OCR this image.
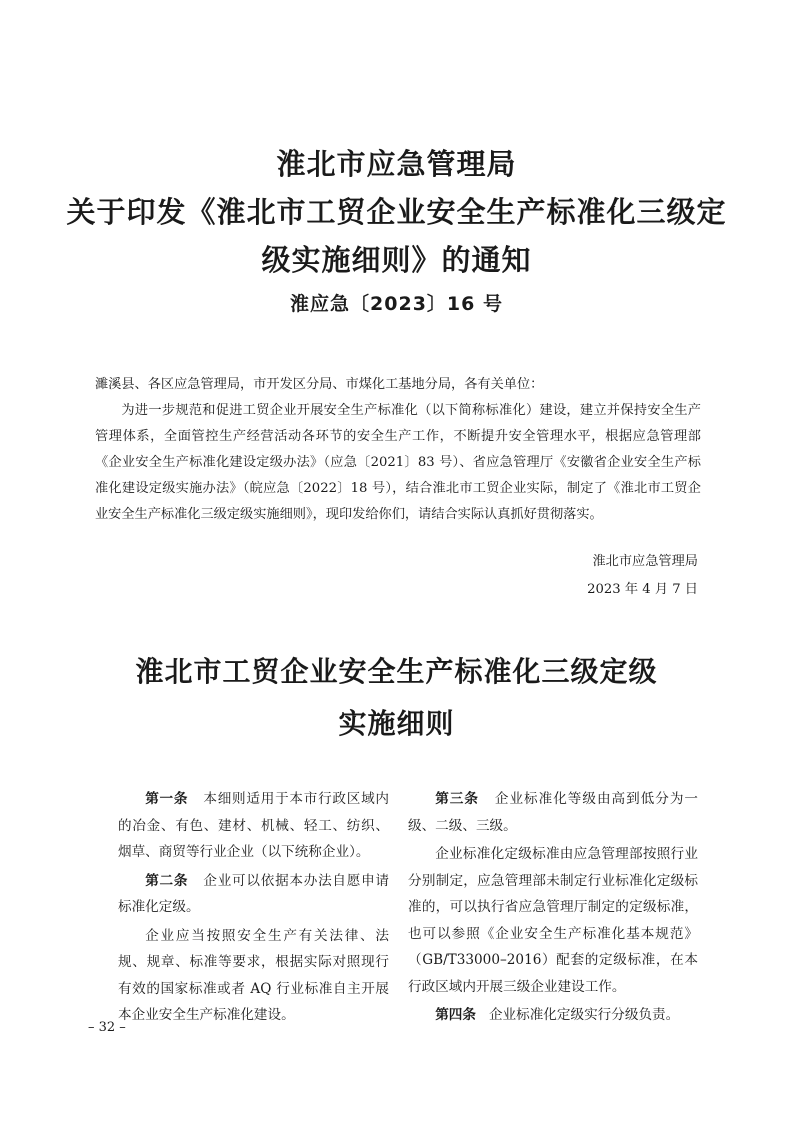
淮北市应急管理局

关于印发《淮北市工贸企业安全生产标准化三级定

级实施细则》的通知

淮应急〔2023〕16 号

濉溪县、各区应急管理局，市开发区分局、市煤化工基地分局，各有关单位：

为进一步规范和促进工贸企业开展安全生产标准化（以下简称标准化）建设，建立并保持安全生产管理体系，全面管控生产经营活动各环节的安全生产工作，不断提升安全管理水平，根据应急管理部《企业安全生产标准化建设定级办法》（应急〔2021〕83 号）、省应急管理厅《安徽省企业安全生产标准化建设定级实施办法》（皖应急〔2022〕18 号），结合淮北市工贸企业实际，制定了《淮北市工贸企业安全生产标准化三级定级实施细则》，现印发给你们，请结合实际认真抓好贯彻落实。

淮北市应急管理局
2023 年 4 月 7 日

淮北市工贸企业安全生产标准化三级定级

实施细则

第一条 本细则适用于本市行政区域内的冶金、有色、建材、机械、轻工、纺织、烟草、商贸等行业企业（以下统称企业）。

第二条 企业可以依据本办法自愿申请标准化定级。

企业应当按照安全生产有关法律、法规、规章、标准等要求，根据实际对照现行有效的国家标准或者 AQ 行业标准自主开展本企业安全生产标准化建设。

第三条 企业标准化等级由高到低分为一级、二级、三级。

企业标准化定级标准由应急管理部按照行业分别制定，应急管理部未制定行业标准化定级标准的，可以执行省应急管理厅制定的定级标准，也可以参照《企业安全生产标准化基本规范》（GB/T33000–2016）配套的定级标准，在本行政区域内开展三级企业建设工作。

第四条 企业标准化定级实行分级负责。

– 32 –
